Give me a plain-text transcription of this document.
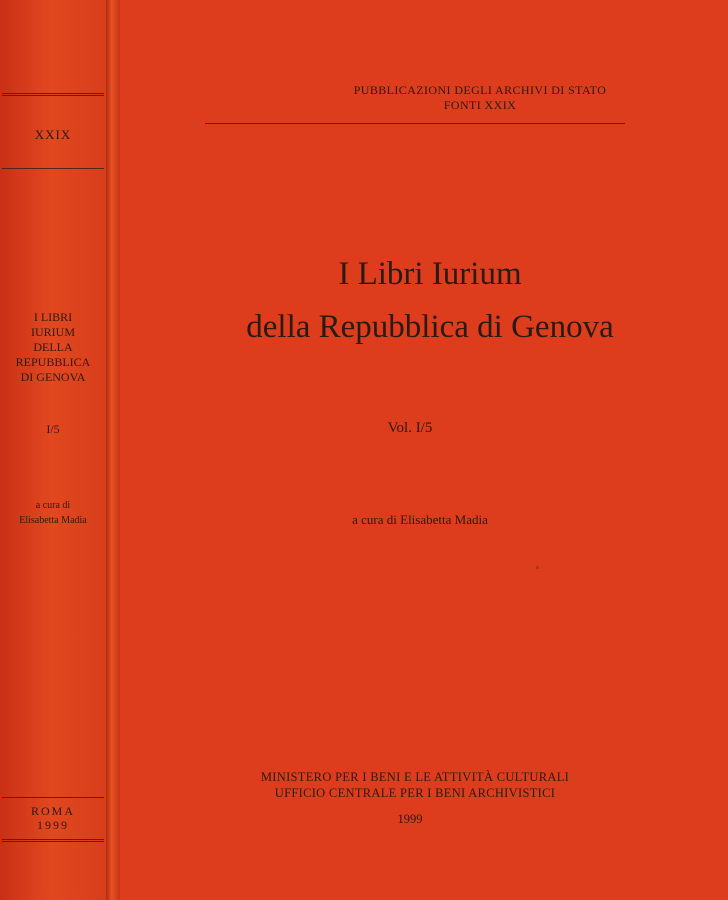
XXIX
I LIBRI
IURIUM
DELLA
REPUBBLICA
DI GENOVA
I/5
a cura di
Elisabetta Madia
ROMA
1999
PUBBLICAZIONI DEGLI ARCHIVI DI STATO
FONTI XXIX
I Libri Iurium
della Repubblica di Genova
Vol. I/5
a cura di Elisabetta Madia
MINISTERO PER I BENI E LE ATTIVITÀ CULTURALI
UFFICIO CENTRALE PER I BENI ARCHIVISTICI
1999
